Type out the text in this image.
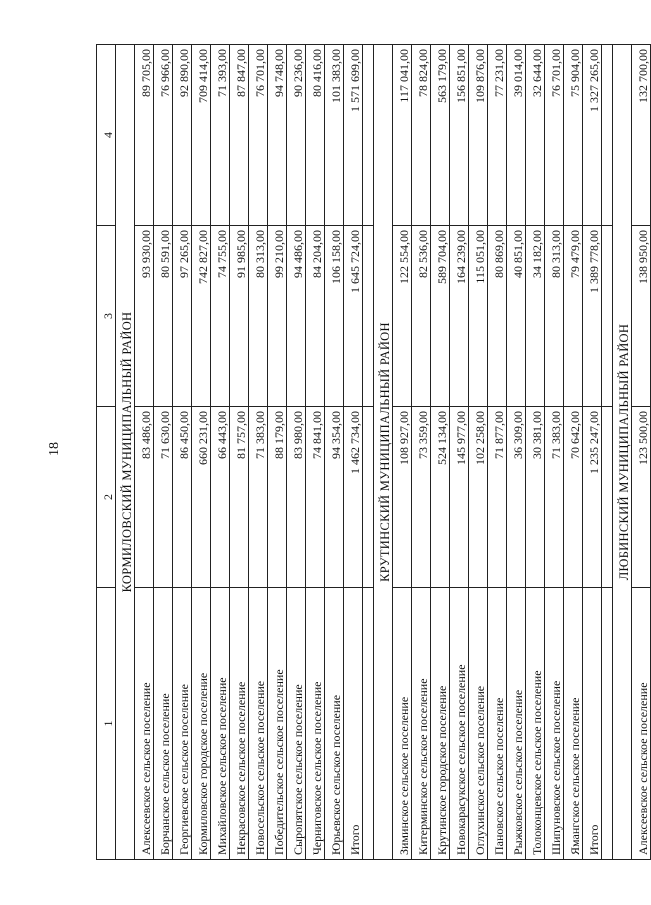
18
1	2	3	4
КОРМИЛОВСКИЙ МУНИЦИПАЛЬНЫЙ РАЙОН			
Алексеевское сельское поселение	83 486,00	93 930,00	89 705,00
Борчанское сельское поселение	71 630,00	80 591,00	76 966,00
Георгиевское сельское поселение	86 450,00	97 265,00	92 890,00
Кормиловское городское поселение	660 231,00	742 827,00	709 414,00
Михайловское сельское поселение	66 443,00	74 755,00	71 393,00
Некрасовское сельское поселение	81 757,00	91 985,00	87 847,00
Новосельское сельское поселение	71 383,00	80 313,00	76 701,00
Победительское сельское поселение	88 179,00	99 210,00	94 748,00
Сыропятское сельское поселение	83 980,00	94 486,00	90 236,00
Черниговское сельское поселение	74 841,00	84 204,00	80 416,00
Юрьевское сельское поселение	94 354,00	106 158,00	101 383,00
Итого	1 462 734,00	1 645 724,00	1 571 699,00

КРУТИНСКИЙ МУНИЦИПАЛЬНЫЙ РАЙОН			
Зиминское сельское поселение	108 927,00	122 554,00	117 041,00
Китерминское сельское поселение	73 359,00	82 536,00	78 824,00
Крутинское городское поселение	524 134,00	589 704,00	563 179,00
Новокарасукское сельское поселение	145 977,00	164 239,00	156 851,00
Оглухинское сельское поселение	102 258,00	115 051,00	109 876,00
Пановское сельское поселение	71 877,00	80 869,00	77 231,00
Рыжковское сельское поселение	36 309,00	40 851,00	39 014,00
Толоконцевское сельское поселение	30 381,00	34 182,00	32 644,00
Шипуновское сельское поселение	71 383,00	80 313,00	76 701,00
Ямангское сельское поселение	70 642,00	79 479,00	75 904,00
Итого	1 235 247,00	1 389 778,00	1 327 265,00

ЛЮБИНСКИЙ МУНИЦИПАЛЬНЫЙ РАЙОН			
Алексеевское сельское поселение	123 500,00	138 950,00	132 700,00
